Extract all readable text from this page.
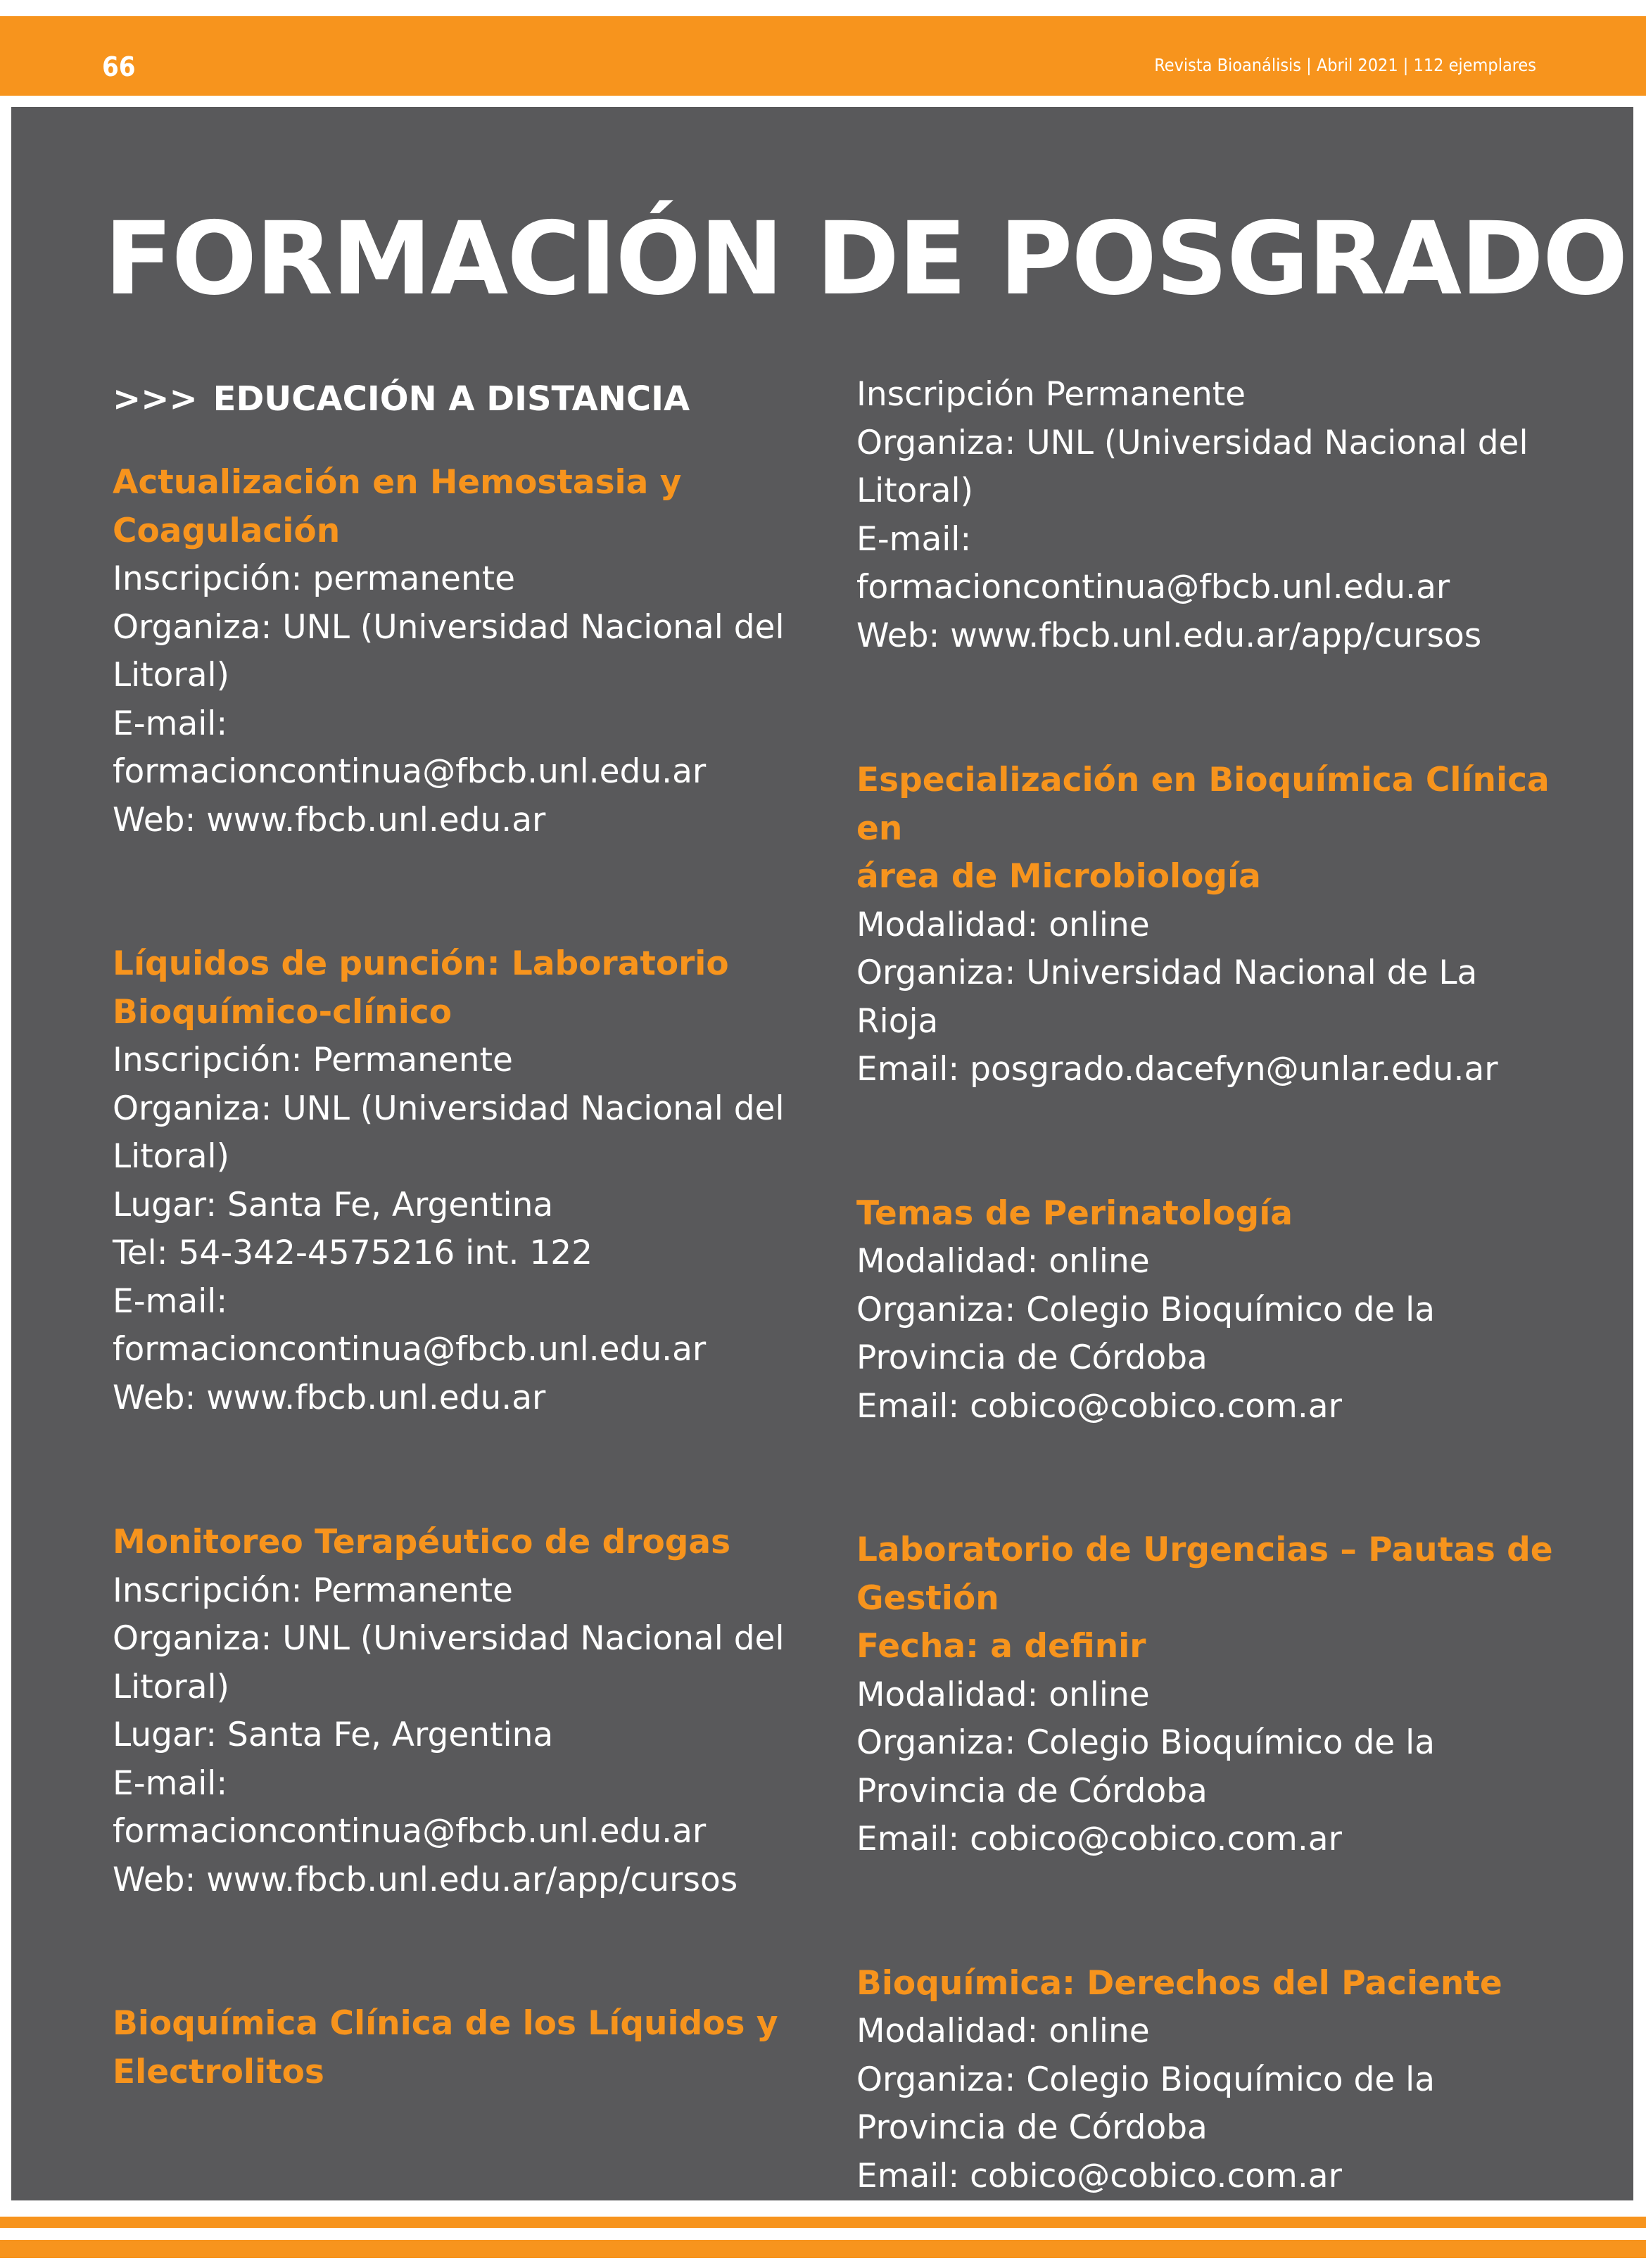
66	Revista Bioanálisis | Abril 2021 | 112 ejemplares
FORMACIÓN DE POSGRADO

>>> EDUCACIÓN A DISTANCIA

Actualización en Hemostasia y

Coagulación

Inscripción: permanente
Organiza: UNL (Universidad Nacional del
Litoral)
E-mail:
formacioncontinua@fbcb.unl.edu.ar
Web: www.fbcb.unl.edu.ar

Líquidos de punción: Laboratorio

Bioquímico-clínico

Inscripción: Permanente
Organiza: UNL (Universidad Nacional del
Litoral)
Lugar: Santa Fe, Argentina
Tel: 54-342-4575216 int. 122
E-mail:
formacioncontinua@fbcb.unl.edu.ar
Web: www.fbcb.unl.edu.ar

Monitoreo Terapéutico de drogas

Inscripción: Permanente
Organiza: UNL (Universidad Nacional del
Litoral)
Lugar: Santa Fe, Argentina
E-mail:
formacioncontinua@fbcb.unl.edu.ar
Web: www.fbcb.unl.edu.ar/app/cursos

Bioquímica Clínica de los Líquidos y

Electrolitos

Inscripción Permanente
Organiza: UNL (Universidad Nacional del
Litoral)
E-mail:
formacioncontinua@fbcb.unl.edu.ar
Web: www.fbcb.unl.edu.ar/app/cursos

Especialización en Bioquímica Clínica en

área de Microbiología

Modalidad: online
Organiza: Universidad Nacional de La
Rioja
Email: posgrado.dacefyn@unlar.edu.ar

Temas de Perinatología

Modalidad: online
Organiza: Colegio Bioquímico de la
Provincia de Córdoba
Email: cobico@cobico.com.ar

Laboratorio de Urgencias – Pautas de

Gestión

Fecha: a definir

Modalidad: online
Organiza: Colegio Bioquímico de la
Provincia de Córdoba
Email: cobico@cobico.com.ar

Bioquímica: Derechos del Paciente

Modalidad: online
Organiza: Colegio Bioquímico de la
Provincia de Córdoba
Email: cobico@cobico.com.ar
